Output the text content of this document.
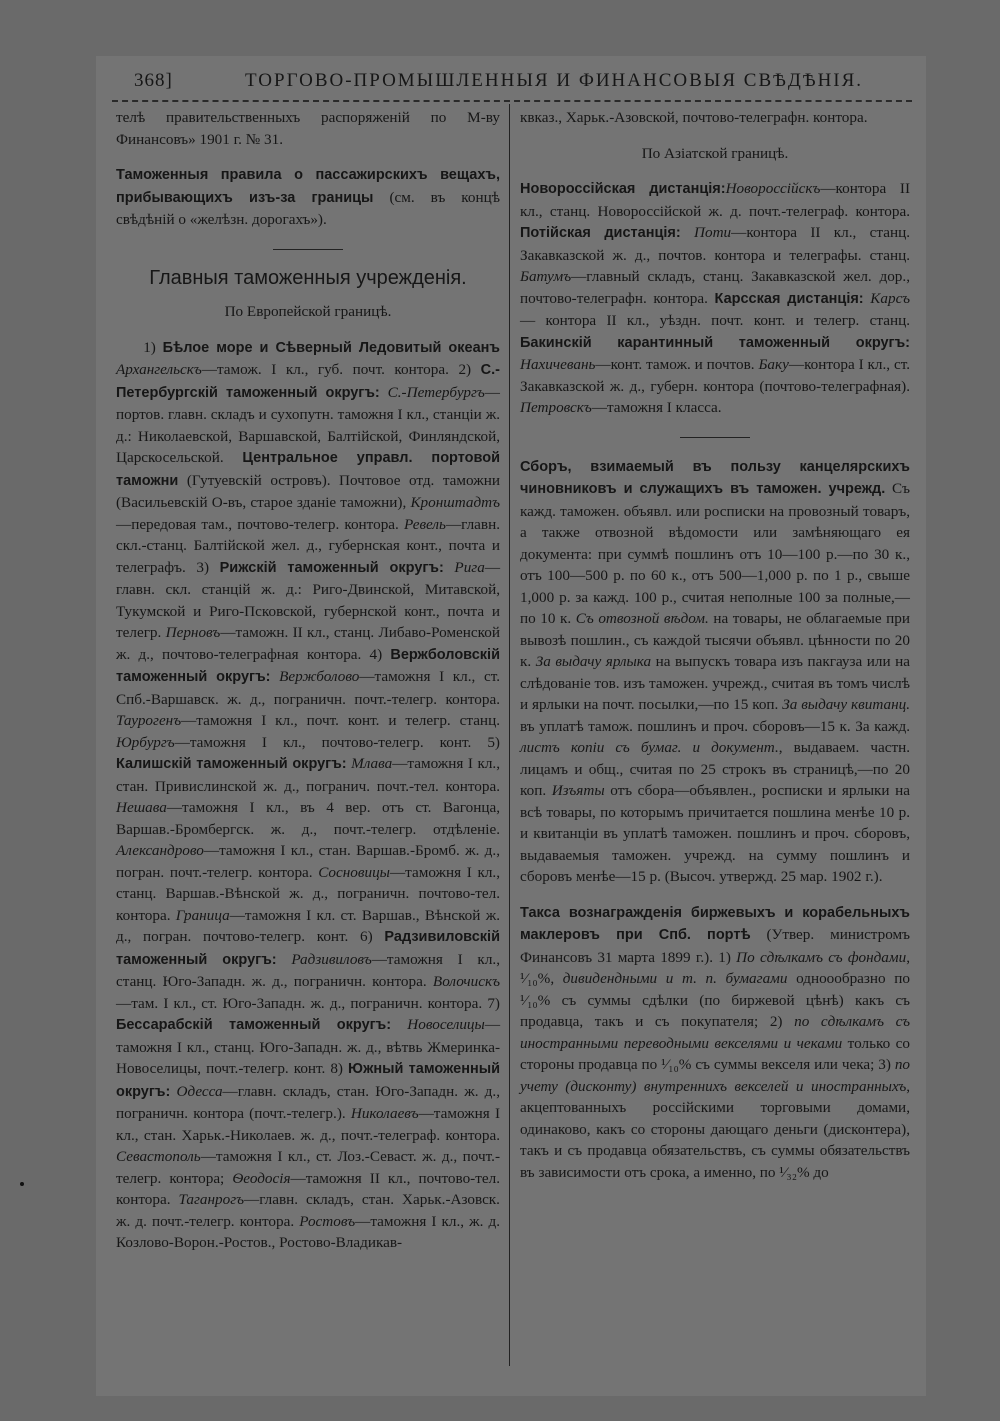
368]	ТОРГОВО-ПРОМЫШЛЕННЫЯ И ФИНАНСОВЫЯ СВѢДѢНІЯ.

телѣ правительственныхъ распоряженій по М-ву Финансовъ» 1901 г. № 31.

Таможенныя правила о пассажирскихъ вещахъ, прибывающихъ изъ-за границы (см. въ концѣ свѣдѣній о «желѣзн. дорогахъ»).

Главныя таможенныя учрежденія.

По Европейской границѣ.

1) Бѣлое море и Сѣверный Ледовитый океанъ Архангельскъ—тамож. I кл., губ. почт. контора. 2) С.-Петербургскій таможенный округъ: С.-Петербургъ—портов. главн. складъ и сухопутн. таможня I кл., станціи ж. д.: Николаевской, Варшавской, Балтійской, Финляндской, Царскосельской. Центральное управл. портовой таможни (Гутуевскій островъ). Почтовое отд. таможни (Васильевскій О-въ, старое зданіе таможни), Кронштадтъ—передовая там., почтово-телегр. контора. Ревель—главн. скл.-станц. Балтійской жел. д., губернская конт., почта и телеграфъ. 3) Рижскій таможенный округъ: Рига—главн. скл. станцій ж. д.: Риго-Двинской, Митавской, Тукумской и Риго-Псковской, губернской конт., почта и телегр. Перновъ—таможн. II кл., станц. Либаво-Роменской ж. д., почтово-телеграфная контора. 4) Вержболовскій таможенный округъ: Вержболово—таможня I кл., ст. Спб.-Варшавск. ж. д., пограничн. почт.-телегр. контора. Таурогенъ—таможня I кл., почт. конт. и телегр. станц. Юрбургъ—таможня I кл., почтово-телегр. конт. 5) Калишскій таможенный округъ: Млава—таможня I кл., стан. Привислинской ж. д., погранич. почт.-тел. контора. Нешава—таможня I кл., въ 4 вер. отъ ст. Вагонца, Варшав.-Бромбергск. ж. д., почт.-телегр. отдѣленіе. Александрово—таможня I кл., стан. Варшав.-Бромб. ж. д., погран. почт.-телегр. контора. Сосновицы—таможня I кл., станц. Варшав.-Вѣнской ж. д., пограничн. почтово-тел. контора. Граница—таможня I кл. ст. Варшав., Вѣнской ж. д., погран. почтово-телегр. конт. 6) Радзивиловскій таможенный округъ: Радзивиловъ—таможня I кл., станц. Юго-Западн. ж. д., пограничн. контора. Волочискъ—там. I кл., ст. Юго-Западн. ж. д., пограничн. контора. 7) Бессарабскій таможенный округъ: Новоселицы—таможня I кл., станц. Юго-Западн. ж. д., вѣтвь Жмеринка-Новоселицы, почт.-телегр. конт. 8) Южный таможенный округъ: Одесса—главн. складъ, стан. Юго-Западн. ж. д., пограничн. контора (почт.-телегр.). Николаевъ—таможня I кл., стан. Харьк.-Николаев. ж. д., почт.-телеграф. контора. Севастополь—таможня I кл., ст. Лоз.-Севаст. ж. д., почт.-телегр. контора; Ѳеодосія—таможня II кл., почтово-тел. контора. Таганрогъ—главн. складъ, стан. Харьк.-Азовск. ж. д. почт.-телегр. контора. Ростовъ—таможня I кл., ж. д. Козлово-Ворон.-Ростов., Ростово-Владикав-

квказ., Харьк.-Азовской, почтово-телеграфн. контора.

По Азіатской границѣ.

Новороссійская дистанція:Новороссійскъ—контора II кл., станц. Новороссійской ж. д. почт.-телеграф. контора. Потійская дистанція: Поти—контора II кл., станц. Закавказской ж. д., почтов. контора и телеграфы. станц. Батумъ—главный складъ, станц. Закавказской жел. дор., почтово-телеграфн. контора. Карсская дистанція: Карсъ — контора II кл., уѣздн. почт. конт. и телегр. станц. Бакинскій карантинный таможенный округъ: Нахичевань—конт. тамож. и почтов. Баку—контора I кл., ст. Закавказской ж. д., губерн. контора (почтово-телеграфная). Петровскъ—таможня I класса.

Сборъ, взимаемый въ пользу канцелярскихъ чиновниковъ и служащихъ въ таможен. учрежд. Съ кажд. таможен. объявл. или росписки на провозный товаръ, а также отвозной вѣдомости или замѣняющаго ея документа: при суммѣ пошлинъ отъ 10—100 р.—по 30 к., отъ 100—500 р. по 60 к., отъ 500—1,000 р. по 1 р., свыше 1,000 р. за кажд. 100 р., считая неполные 100 за полные,—по 10 к. Съ отвозной вѣдом. на товары, не облагаемые при вывозѣ пошлин., съ каждой тысячи объявл. цѣнности по 20 к. За выдачу ярлыка на выпускъ товара изъ пакгауза или на слѣдованіе тов. изъ таможен. учрежд., считая въ томъ числѣ и ярлыки на почт. посылки,—по 15 коп. За выдачу квитанц. въ уплатѣ тамож. пошлинъ и проч. сборовъ—15 к. За кажд. листъ копіи съ бумаг. и документ., выдаваем. частн. лицамъ и общ., считая по 25 строкъ въ страницѣ,—по 20 коп. Изъяты отъ сбора—объявлен., росписки и ярлыки на всѣ товары, по которымъ причитается пошлина менѣе 10 р. и квитанціи въ уплатѣ таможен. пошлинъ и проч. сборовъ, выдаваемыя таможен. учрежд. на сумму пошлинъ и сборовъ менѣе—15 р. (Высоч. утвержд. 25 мар. 1902 г.).

Такса вознагражденія биржевыхъ и корабельныхъ маклеровъ при Спб. портѣ (Утвер. министромъ Финансовъ 31 марта 1899 г.). 1) По сдѣлкамъ съ фондами, ¹⁄₁₀%, дивидендными и т. п. бумагами одноообразно по ¹⁄₁₀% съ суммы сдѣлки (по биржевой цѣнѣ) какъ съ продавца, такъ и съ покупателя; 2) по сдѣлкамъ съ иностранными переводными векселями и чеками только со стороны продавца по ¹⁄₁₀% съ суммы векселя или чека; 3) по учету (дисконту) внутреннихъ векселей и иностранныхъ, акцептованныхъ россійскими торговыми домами, одинаково, какъ со стороны дающаго деньги (дисконтера), такъ и съ продавца обязательствъ, съ суммы обязательствъ въ зависимости отъ срока, а именно, по ¹⁄₃₂% до
